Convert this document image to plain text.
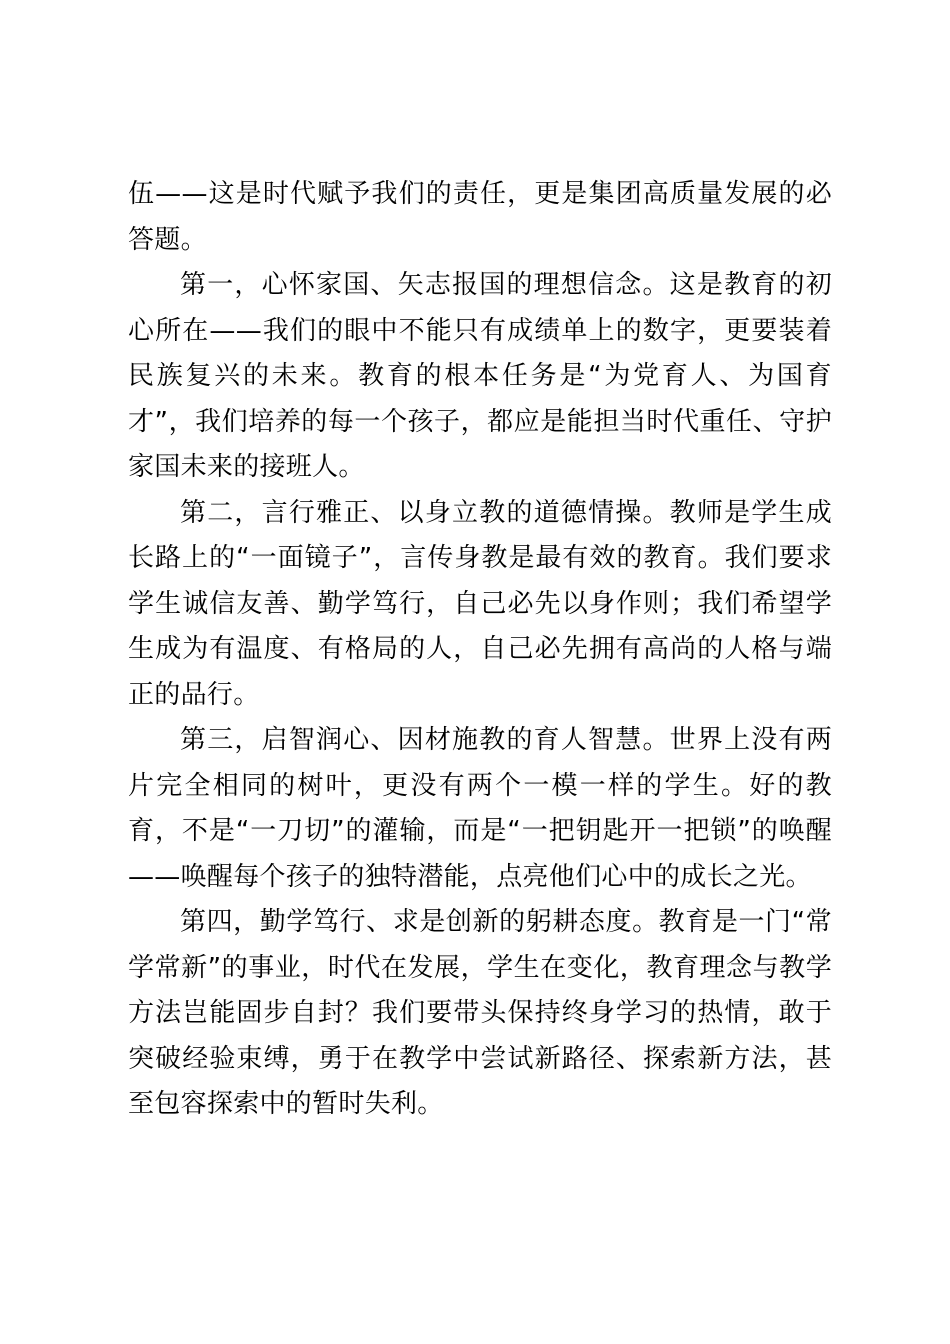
伍——这是时代赋予我们的责任，更是集团高质量发展的必答题。

第一，心怀家国、矢志报国的理想信念。这是教育的初心所在——我们的眼中不能只有成绩单上的数字，更要装着民族复兴的未来。教育的根本任务是“为党育人、为国育才”，我们培养的每一个孩子，都应是能担当时代重任、守护家国未来的接班人。

第二，言行雅正、以身立教的道德情操。教师是学生成长路上的“一面镜子”，言传身教是最有效的教育。我们要求学生诚信友善、勤学笃行，自己必先以身作则；我们希望学生成为有温度、有格局的人，自己必先拥有高尚的人格与端正的品行。

第三，启智润心、因材施教的育人智慧。世界上没有两片完全相同的树叶，更没有两个一模一样的学生。好的教育，不是“一刀切”的灌输，而是“一把钥匙开一把锁”的唤醒——唤醒每个孩子的独特潜能，点亮他们心中的成长之光。

第四，勤学笃行、求是创新的躬耕态度。教育是一门“常学常新”的事业，时代在发展，学生在变化，教育理念与教学方法岂能固步自封？我们要带头保持终身学习的热情，敢于突破经验束缚，勇于在教学中尝试新路径、探索新方法，甚至包容探索中的暂时失利。
